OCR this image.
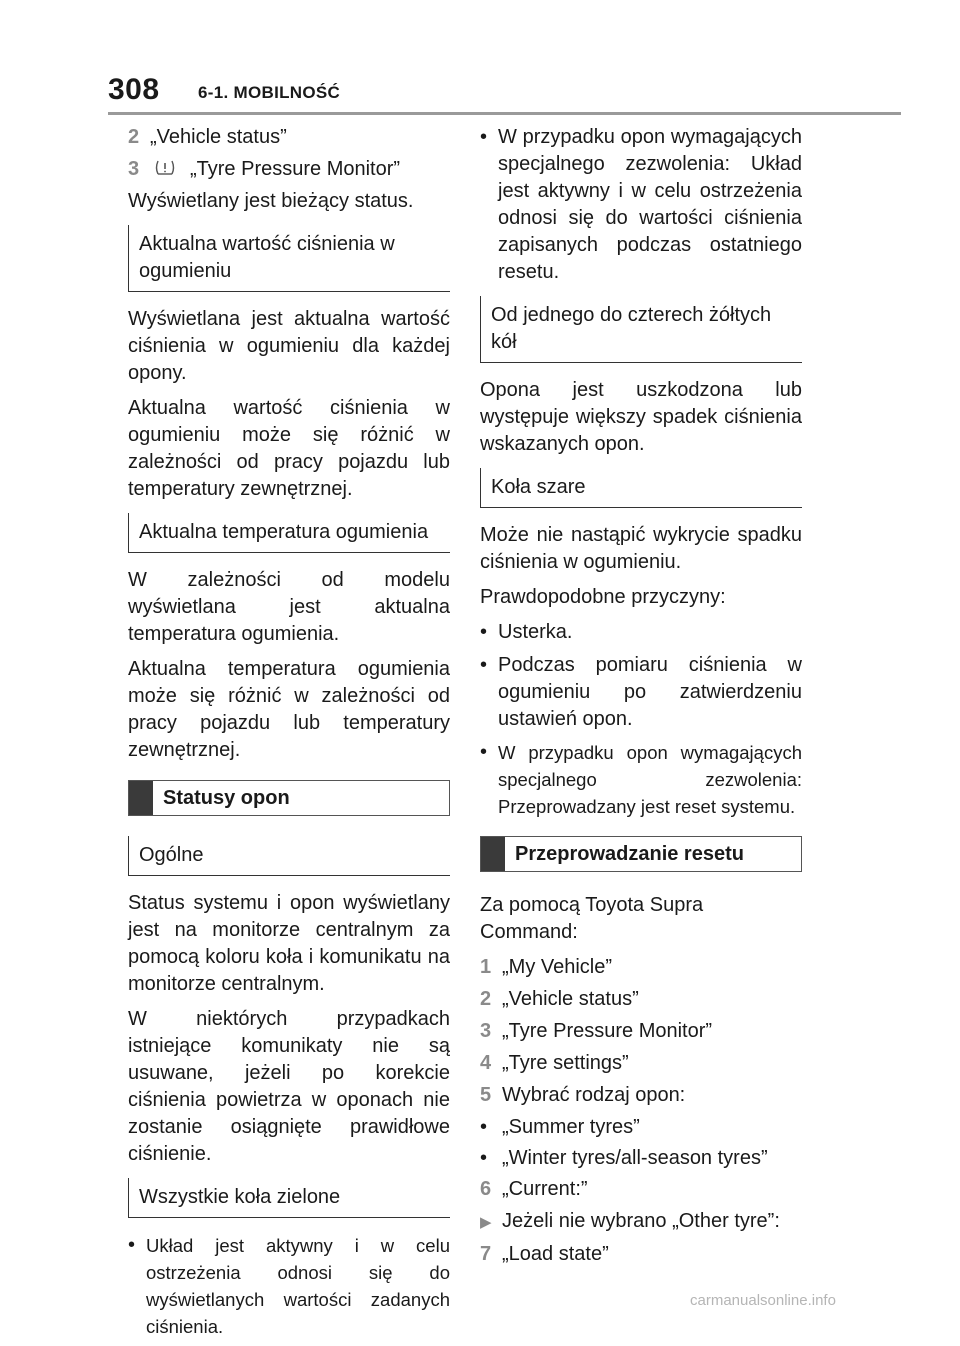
308 6-1. MOBILNOŚĆ
2 „Vehicle status”
3	„Tyre Pressure Monitor”

Wyświetlany jest bieżący status.

Aktualna wartość ciśnienia w ogumieniu

Wyświetlana jest aktualna wartość ciśnienia w ogumieniu dla każdej opony.

Aktualna wartość ciśnienia w ogumieniu może się różnić w zależności od pracy pojazdu lub temperatury zewnętrznej.

Aktualna temperatura ogumienia

W zależności od modelu wyświetlana jest aktualna temperatura ogumienia.

Aktualna temperatura ogumienia może się różnić w zależności od pracy pojazdu lub temperatury zewnętrznej.

Statusy opon
Ogólne

Status systemu i opon wyświetlany jest na monitorze centralnym za pomocą koloru koła i komunikatu na monitorze centralnym.

W niektórych przypadkach istniejące komunikaty nie są usuwane, jeżeli po korekcie ciśnienia powietrza w oponach nie zostanie osiągnięte prawidłowe ciśnienie.

Wszystkie koła zielone
• Układ jest aktywny i w celu ostrzeżenia odnosi się do wyświetlanych wartości zadanych ciśnienia.
• W przypadku opon wymagających specjalnego zezwolenia: Układ jest aktywny i w celu ostrzeżenia odnosi się do wartości ciśnienia zapisanych podczas ostatniego resetu.
Od jednego do czterech żółtych kół

Opona jest uszkodzona lub występuje większy spadek ciśnienia wskazanych opon.

Koła szare

Może nie nastąpić wykrycie spadku ciśnienia w ogumieniu.

Prawdopodobne przyczyny:

• Usterka.
• Podczas pomiaru ciśnienia w ogumieniu po zatwierdzeniu ustawień opon.
• W przypadku opon wymagających specjalnego zezwolenia: Przeprowadzany jest reset systemu.
Przeprowadzanie resetu

Za pomocą Toyota Supra Command:

1 „My Vehicle”
2 „Vehicle status”
3 „Tyre Pressure Monitor”
4 „Tyre settings”
5 Wybrać rodzaj opon:
• „Summer tyres”
• „Winter tyres/all-season tyres”
6 „Current:”
▶ Jeżeli nie wybrano „Other tyre”:
7 „Load state”
carmanualsonline.info
